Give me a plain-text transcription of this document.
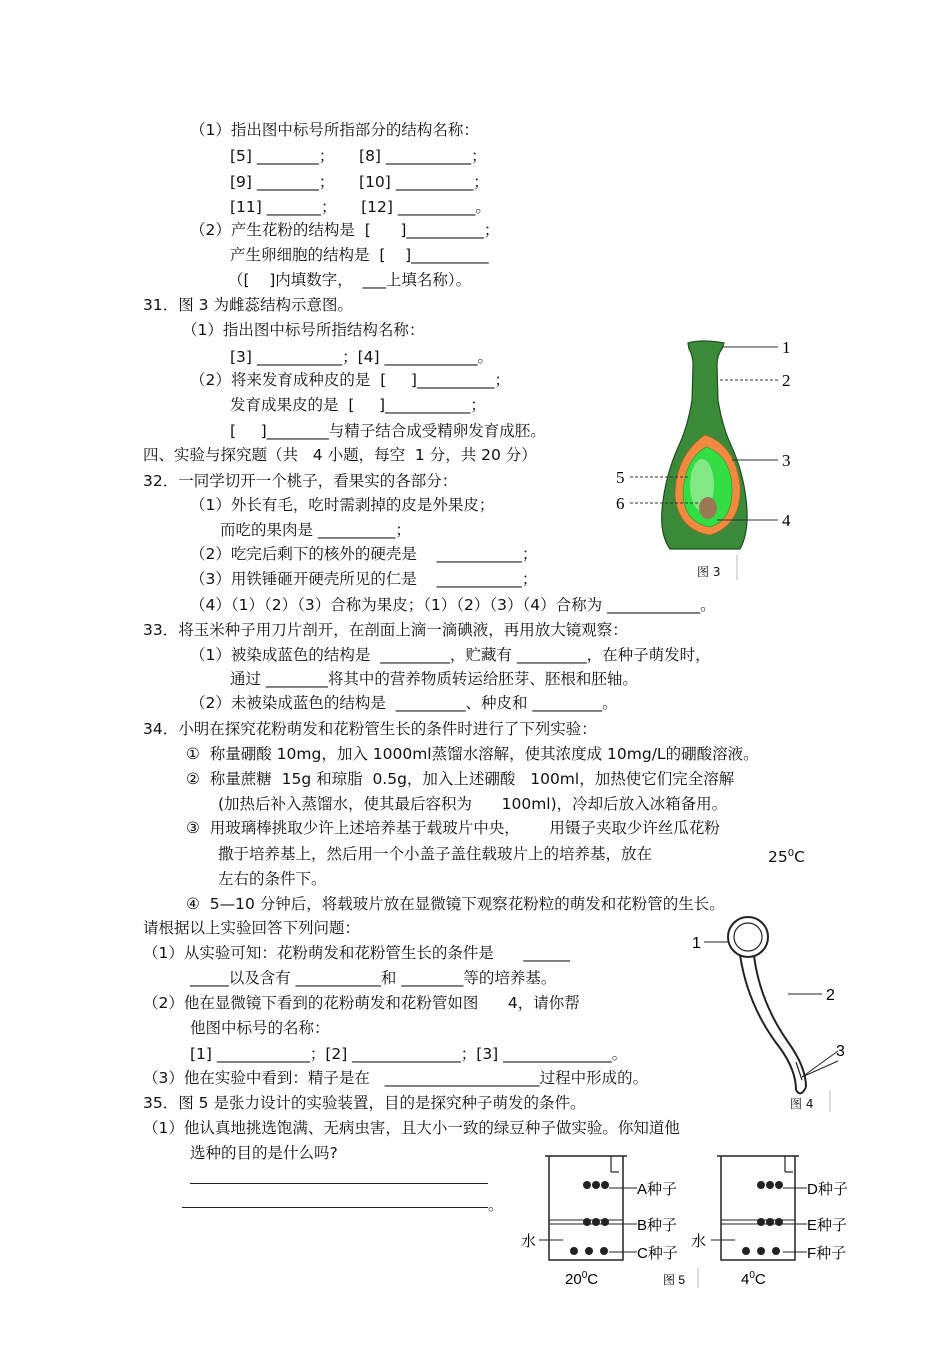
（1）指出图中标号所指部分的结构名称：
[5] ________；     [8] ___________；
[9] ________；     [10] __________；
[11] _______；     [12] __________。
（2）产生花粉的结构是  [      ]__________；
产生卵细胞的结构是  [    ]__________
（[    ]内填数字，  ___上填名称）。
31．图 3 为雌蕊结构示意图。
（1）指出图中标号所指结构名称：
[3] ___________；[4] ____________。
（2）将来发育成种皮的是  [     ]__________；
发育成果皮的是  [     ]___________；
[     ]________与精子结合成受精卵发育成胚。
四、实验与探究题（共   4 小题，每空  1 分，共 20 分）
32．一同学切开一个桃子，看果实的各部分：
（1）外长有毛，吃时需剥掉的皮是外果皮；
而吃的果肉是 __________；
（2）吃完后剩下的核外的硬壳是    ___________；
（3）用铁锤砸开硬壳所见的仁是    ___________；
（4）（1）（2）（3）合称为果皮；（1）（2）（3）（4）合称为 ____________。
33．将玉米种子用刀片剖开，在剖面上滴一滴碘液，再用放大镜观察：
（1）被染成蓝色的结构是  _________，贮藏有 _________，在种子萌发时，
通过 ________将其中的营养物质转运给胚芽、胚根和胚轴。
（2）未被染成蓝色的结构是  _________、种皮和 _________。
34．小明在探究花粉萌发和花粉管生长的条件时进行了下列实验：
①  称量硼酸 10mg，加入 1000ml蒸馏水溶解，使其浓度成 10mg/L的硼酸溶液。
②  称量蔗糖  15g 和琼脂  0.5g，加入上述硼酸   100ml，加热使它们完全溶解
(加热后补入蒸馏水，使其最后容积为      100ml)，冷却后放入冰箱备用。
③  用玻璃棒挑取少许上述培养基于载玻片中央，      用镊子夹取少许丝瓜花粉
撒于培养基上，然后用一个小盖子盖住载玻片上的培养基，放在	$25^0C$
左右的条件下。
④  5—10 分钟后，将载玻片放在显微镜下观察花粉粒的萌发和花粉管的生长。
请根据以上实验回答下列问题：
（1）从实验可知：花粉萌发和花粉管生长的条件是      ______
_____以及含有 ___________和 ________等的培养基。
（2）他在显微镜下看到的花粉萌发和花粉管如图      4，请你帮
他图中标号的名称：
[1] ____________；[2] ______________；[3] ______________。
（3）他在实验中看到：精子是在   ____________________过程中形成的。
35．图 5 是张力设计的实验装置，目的是探究种子萌发的条件。
（1）他认真地挑选饱满、无病虫害，且大小一致的绿豆种子做实验。你知道他
选种的目的是什么吗?
。
1
2
3
4
5
6
图 3
1
2
3
图 4
A种子
B种子
C种子
水
$20^0C$
D种子
E种子
F种子
水
$4^0C$
图 5
